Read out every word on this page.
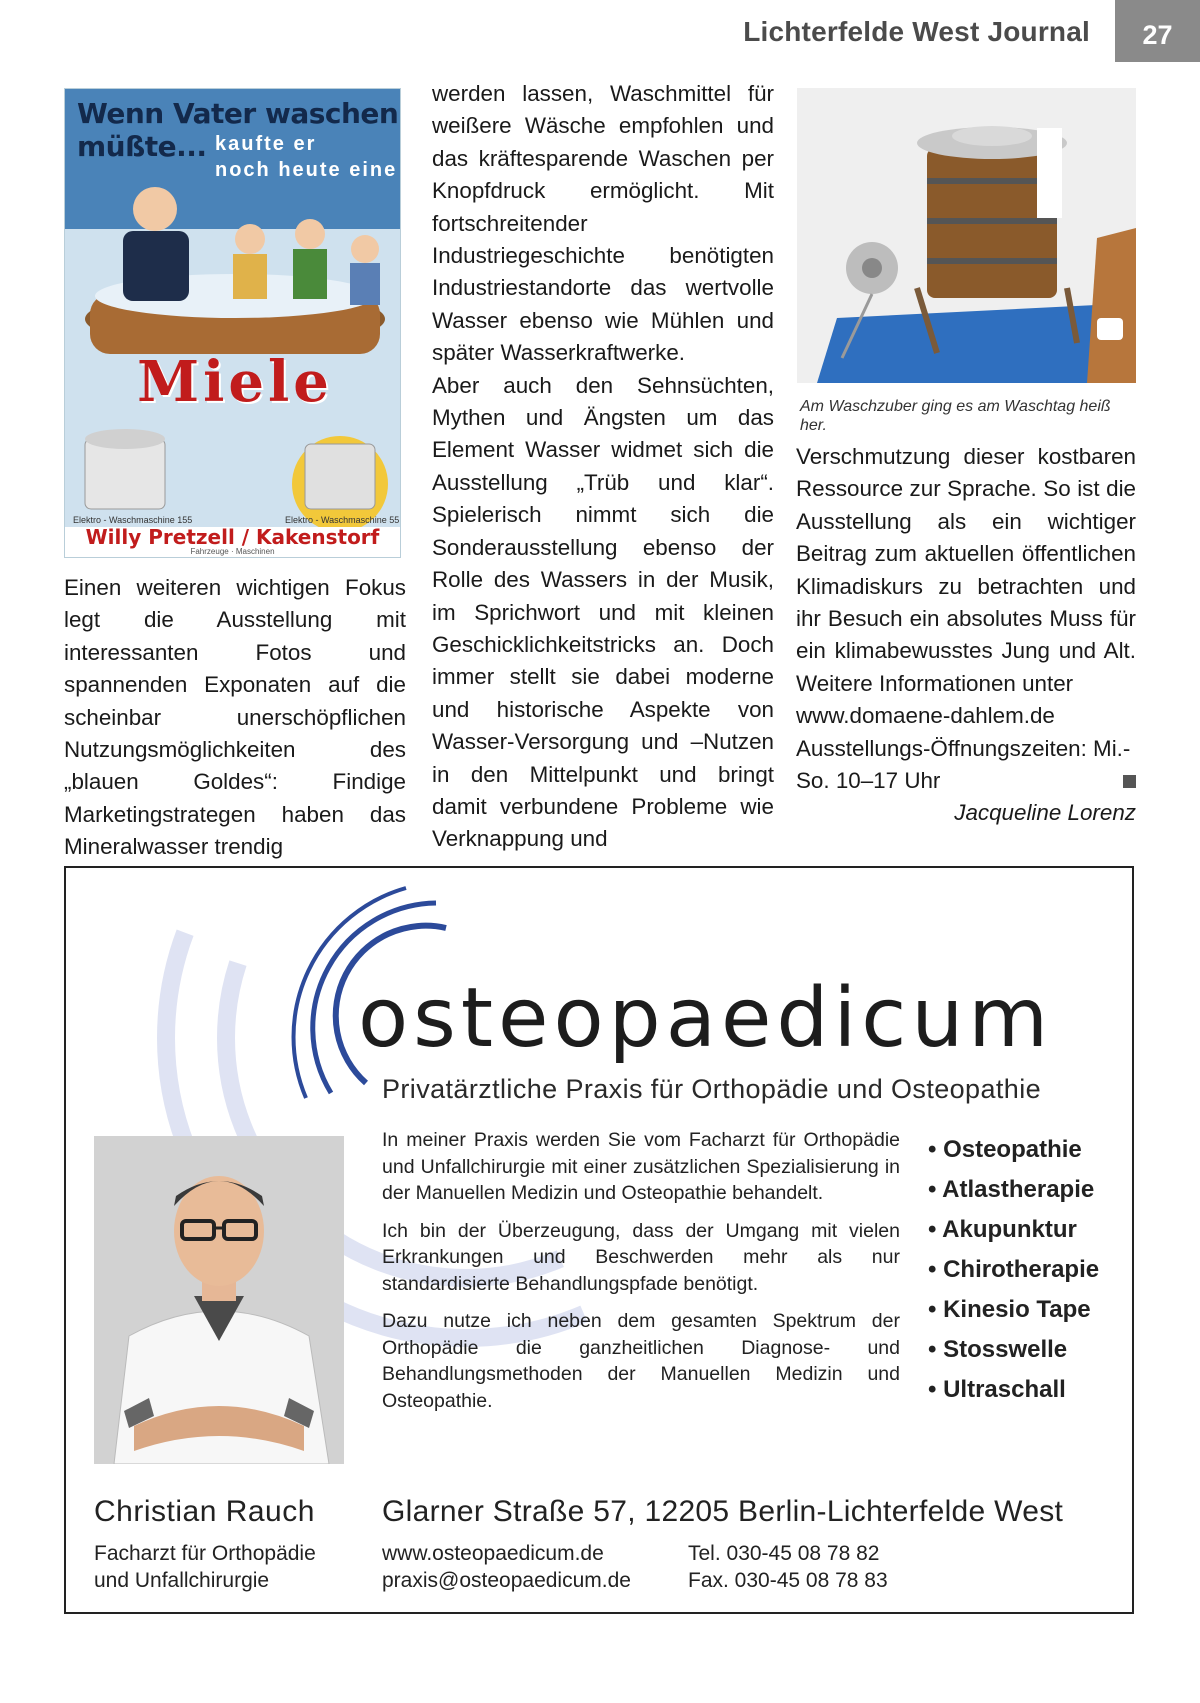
Lichterfelde West Journal 27
Wenn Vater waschen müßte... kaufte er
noch heute eine
Miele
Elektro - Waschmaschine 155	Elektro - Waschmaschine 55
Willy Pretzell / Kakenstorf
Fahrzeuge · Maschinen

Einen weiteren wichtigen Fokus legt die Ausstellung mit interessanten Fotos und spannenden Exponaten auf die scheinbar unerschöpflichen Nutzungsmöglichkeiten des „blauen Goldes“: Findige Marketingstrategen haben das Mineralwasser trendig

werden lassen, Waschmittel für weißere Wäsche empfohlen und das kräftesparende Waschen per Knopfdruck ermöglicht. Mit fortschreitender Industriegeschichte benötigten Industriestandorte das wertvolle Wasser ebenso wie Mühlen und später Wasserkraftwerke.

Aber auch den Sehnsüchten, Mythen und Ängsten um das Element Wasser widmet sich die Ausstellung „Trüb und klar“. Spielerisch nimmt sich die Sonderausstellung ebenso der Rolle des Wassers in der Musik, im Sprichwort und mit kleinen Geschicklichkeitstricks an. Doch immer stellt sie dabei moderne und historische Aspekte von Wasser-Versorgung und –Nutzen in den Mittelpunkt und bringt damit verbundene Probleme wie Verknappung und

Am Waschzuber ging es am Waschtag heiß her.

Verschmutzung dieser kostbaren Ressource zur Sprache. So ist die Ausstellung als ein wichtiger Beitrag zum aktuellen öffentlichen Klimadiskurs zu betrachten und ihr Besuch ein absolutes Muss für ein klimabewusstes Jung und Alt. Weitere Informationen unter

www.domaene-dahlem.de

Ausstellungs-Öffnungszeiten: Mi.-So. 10–17 Uhr

Jacqueline Lorenz

osteopaedicum
Privatärztliche Praxis für Orthopädie und Osteopathie

In meiner Praxis werden Sie vom Facharzt für Orthopädie und Unfallchirurgie mit einer zusätzlichen Spezialisierung in der Manuellen Medizin und Osteopathie behandelt.

Ich bin der Überzeugung, dass der Umgang mit vielen Erkrankungen und Beschwerden mehr als nur standardisierte Behandlungspfade benötigt.

Dazu nutze ich neben dem gesamten Spektrum der Orthopädie die ganzheitlichen Diagnose- und Behandlungsmethoden der Manuellen Medizin und Osteopathie.

• Osteopathie
• Atlastherapie
• Akupunktur
• Chirotherapie
• Kinesio Tape
• Stosswelle
• Ultraschall
Christian Rauch
Facharzt für Orthopädie
und Unfallchirurgie
Glarner Straße 57, 12205 Berlin-Lichterfelde West
www.osteopaedicum.de
praxis@osteopaedicum.de
Tel. 030-45 08 78 82
Fax. 030-45 08 78 83
